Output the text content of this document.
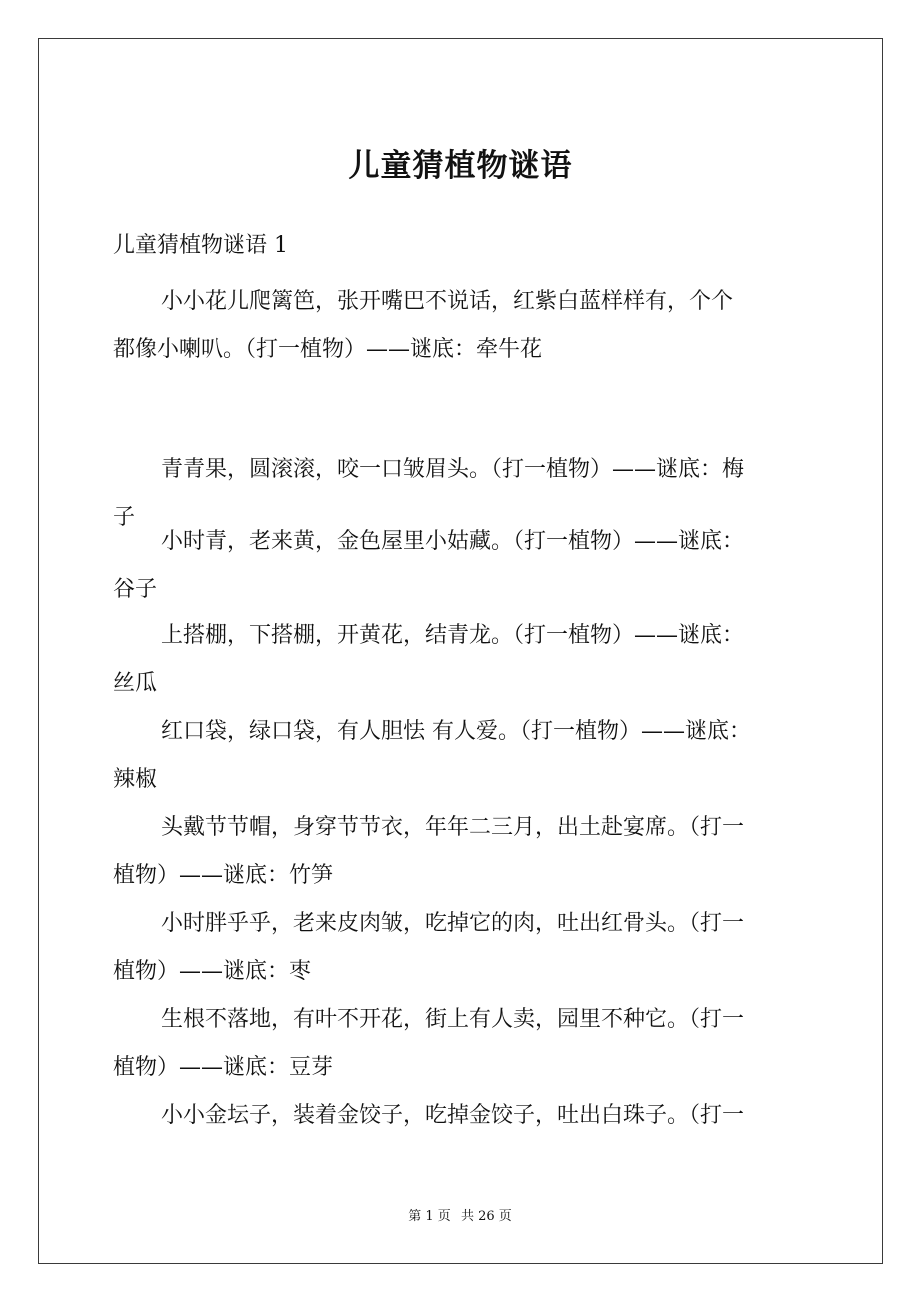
儿童猜植物谜语

儿童猜植物谜语 1

小小花儿爬篱笆，张开嘴巴不说话，红紫白蓝样样有，个个
都像小喇叭。（打一植物）——谜底：牵牛花

青青果，圆滚滚，咬一口皱眉头。（打一植物）——谜底：梅
子

小时青，老来黄，金色屋里小姑藏。（打一植物）——谜底：
谷子

上搭棚，下搭棚，开黄花，结青龙。（打一植物）——谜底：
丝瓜

红口袋，绿口袋，有人胆怯 有人爱。（打一植物）——谜底：
辣椒

头戴节节帽，身穿节节衣，年年二三月，出土赴宴席。（打一
植物）——谜底：竹笋

小时胖乎乎，老来皮肉皱，吃掉它的肉，吐出红骨头。（打一
植物）——谜底：枣

生根不落地，有叶不开花，街上有人卖，园里不种它。（打一
植物）——谜底：豆芽

小小金坛子，装着金饺子，吃掉金饺子，吐出白珠子。（打一

第 1 页 共 26 页
